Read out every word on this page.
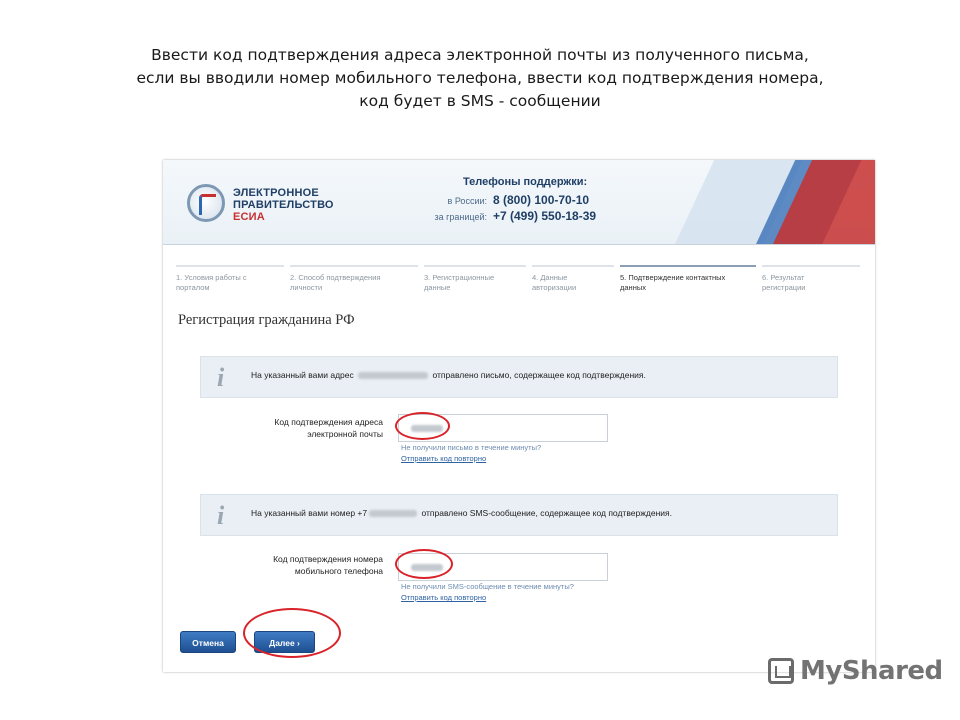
Ввести код подтверждения адреса электронной почты из полученного письма,
если вы вводили номер мобильного телефона, ввести код подтверждения номера,
код будет в SMS - сообщении
ЭЛЕКТРОННОЕ
ПРАВИТЕЛЬСТВО
ЕСИА
Телефоны поддержки:
в России: 8 (800) 100-70-10
за границей: +7 (499) 550-18-39
1. Условия работы с
порталом
2. Способ подтверждения
личности
3. Регистрационные
данные
4. Данные
авторизации
5. Подтверждение контактных
данных
6. Результат
регистрации
Регистрация гражданина РФ
i	На указанный вами адрес	отправлено письмо, содержащее код подтверждения.
Код подтверждения адреса
электронной почты
Не получили письмо в течение минуты?
Отправить код повторно
i	На указанный вами номер +7	отправлено SMS-сообщение, содержащее код подтверждения.
Код подтверждения номера
мобильного телефона
Не получили SMS-сообщение в течение минуты?
Отправить код повторно
Отмена	Далее ›
MyShared
